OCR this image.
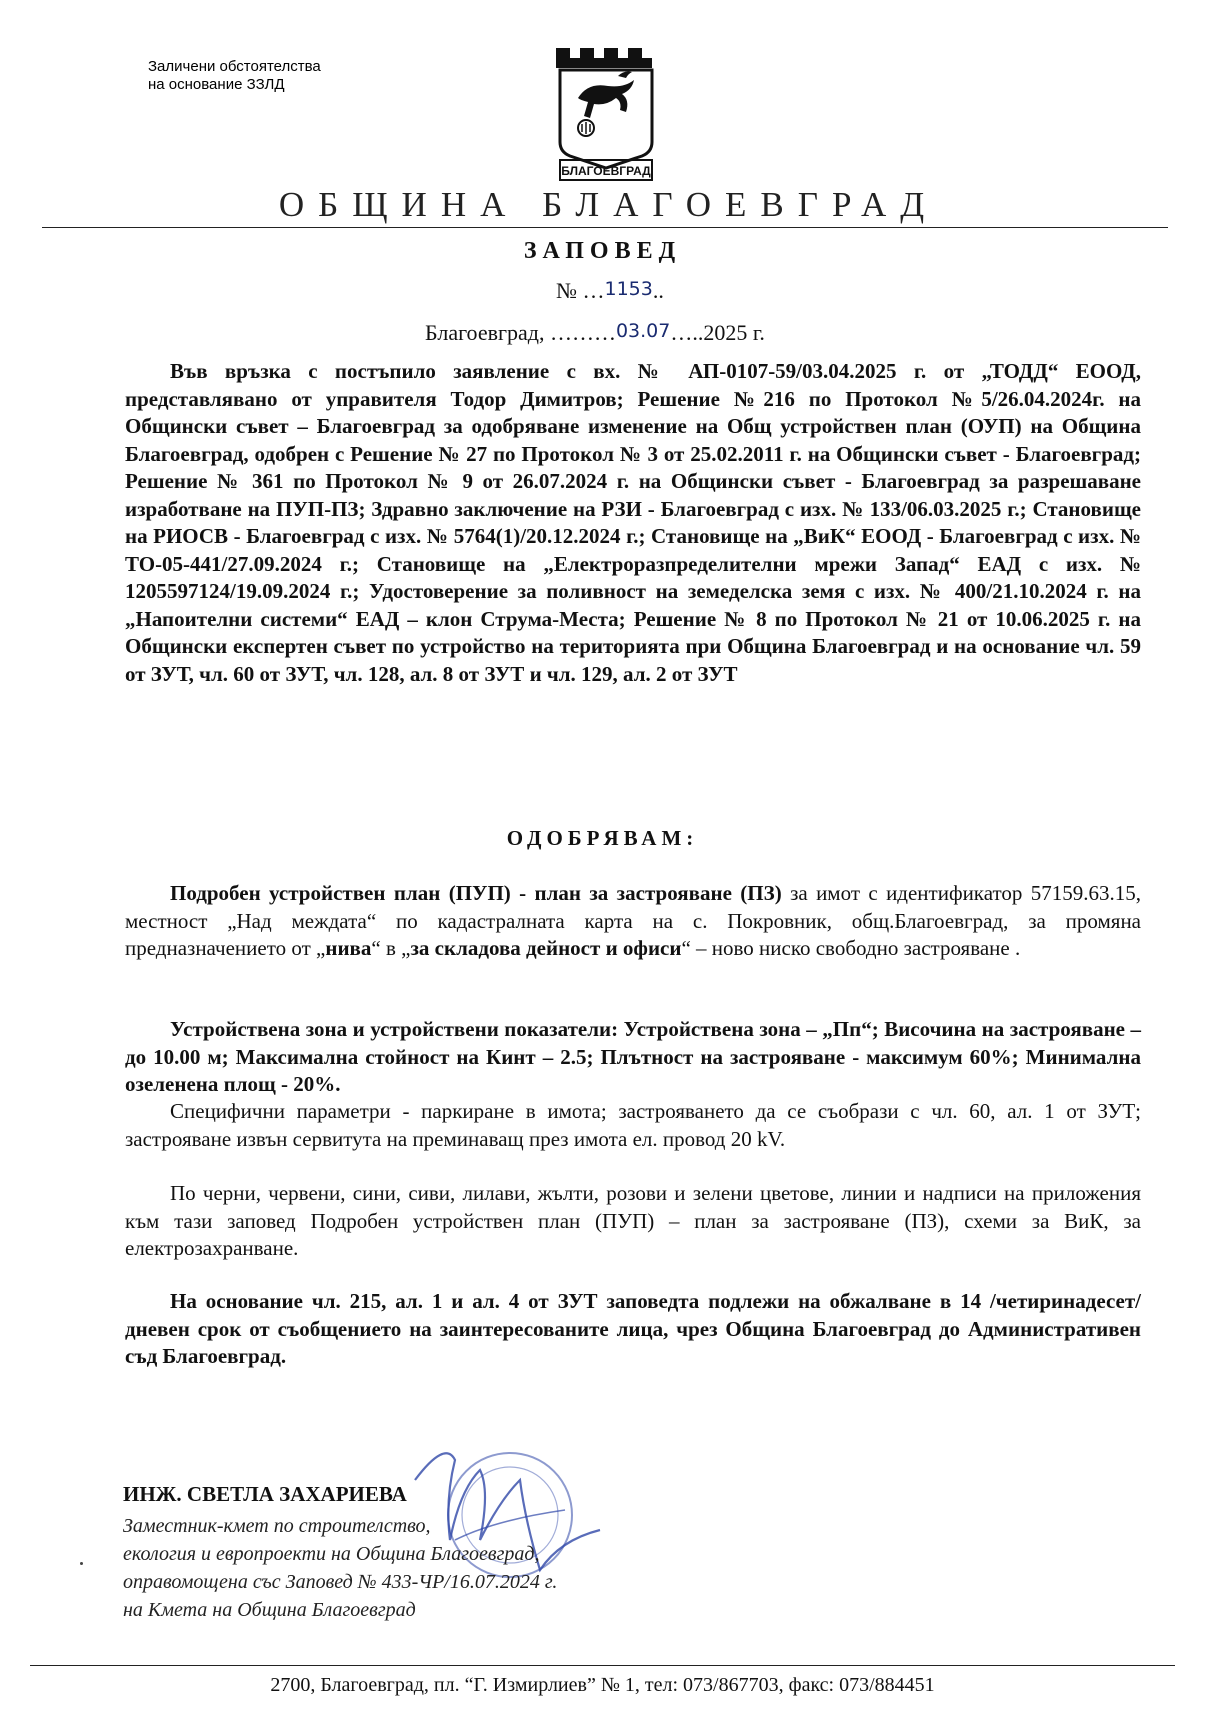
Заличени обстоятелства
на основание ЗЗЛД
БЛАГОЕВГРАД
ОБЩИНА БЛАГОЕВГРАД
ЗАПОВЕД
№ …1153..
Благоевград, ………03.07…..2025 г.
Във връзка с постъпило заявление с вх. № АП-0107-59/03.04.2025 г. от „ТОДД“ ЕООД, представлявано от управителя Тодор Димитров; Решение №216 по Протокол №5/26.04.2024г. на Общински съвет – Благоевград за одобряване изменение на Общ устройствен план (ОУП) на Община Благоевград, одобрен с Решение № 27 по Протокол № 3 от 25.02.2011 г. на Общински съвет - Благоевград; Решение № 361 по Протокол № 9 от 26.07.2024 г. на Общински съвет - Благоевград за разрешаване изработване на ПУП-ПЗ; Здравно заключение на РЗИ - Благоевград с изх. № 133/06.03.2025 г.; Становище на РИОСВ - Благоевград с изх. № 5764(1)/20.12.2024 г.; Становище на „ВиК“ ЕООД - Благоевград с изх. № ТО-05-441/27.09.2024 г.; Становище на „Електроразпределителни мрежи Запад“ ЕАД с изх. № 1205597124/19.09.2024 г.; Удостоверение за поливност на земеделска земя с изх. № 400/21.10.2024 г. на „Напоителни системи“ ЕАД – клон Струма-Места; Решение № 8 по Протокол № 21 от 10.06.2025 г. на Общински експертен съвет по устройство на територията при Община Благоевград и на основание чл. 59 от ЗУТ, чл. 60 от ЗУТ, чл. 128, ал. 8 от ЗУТ и чл. 129, ал. 2 от ЗУТ
ОДОБРЯВАМ:
Подробен устройствен план (ПУП) - план за застрояване (ПЗ) за имот с идентификатор 57159.63.15, местност „Над междата“ по кадастралната карта на с. Покровник, общ.Благоевград, за промяна предназначението от „нива“ в „за складова дейност и офиси“ – ново ниско свободно застрояване .
Устройствена зона и устройствени показатели: Устройствена зона – „Пп“; Височина на застрояване – до 10.00 м; Максимална стойност на Кинт – 2.5; Плътност на застрояване - максимум 60%; Минимална озеленена площ - 20%.
Специфични параметри - паркиране в имота; застрояването да се съобрази с чл. 60, ал. 1 от ЗУТ; застрояване извън сервитута на преминаващ през имота ел. провод 20 kV.
По черни, червени, сини, сиви, лилави, жълти, розови и зелени цветове, линии и надписи на приложения към тази заповед Подробен устройствен план (ПУП) – план за застрояване (ПЗ), схеми за ВиК, за електрозахранване.
На основание чл. 215, ал. 1 и ал. 4 от ЗУТ заповедта подлежи на обжалване в 14 /четиринадесет/ дневен срок от съобщението на заинтересованите лица, чрез Община Благоевград до Административен съд Благоевград.
ИНЖ. СВЕТЛА ЗАХАРИЕВА
Заместник-кмет по строителство,
екология и европроекти на Община Благоевград,
оправомощена със Заповед № 433-ЧР/16.07.2024 г.
на Кмета на Община Благоевград
2700, Благоевград, пл. “Г. Измирлиев” № 1, тел: 073/867703, факс: 073/884451
